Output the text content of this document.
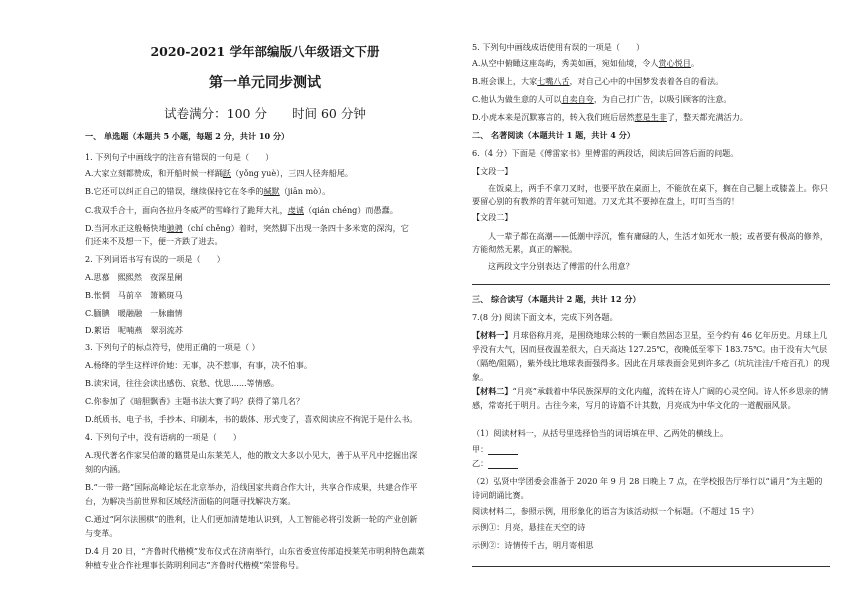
2020-2021 学年部编版八年级语文下册
第一单元同步测试
试卷满分：100 分　　时间 60 分钟
一、 单选题（本题共 5 小题，每题 2 分，共计 10 分）
1. 下列句子中画线字的注音有错误的一句是（　　）
A.大家立刻都赞成，和开船时候一样踊跃（yǒng yuè），三四人径奔船尾。
B.它还可以纠正自己的错误，继续保持它在冬季的缄默（jiān mò）。
C.我双手合十，面向各拉丹冬威严的雪峰行了跪拜大礼，虔诚（qián chéng）而愚蠢。
D.当河水正这般畅快地驰骋（chí chěng）着时，突然脚下出现一条四十多米宽的深沟，它
们还来不及想一下，便一齐跌了进去。
2. 下列词语书写有误的一项是（　　）
A.思慕　熙熙然　夜深星阑
B.怅惘　马前卒　箫籁斑马
C.腼腆　暖融融　一脉幽情
D.絮语　呢喃燕　翠羽流苏
3. 下列句子的标点符号，使用正确的一项是（ ）
A.杨绛的学生这样评价她：无事，决不惹事，有事，决不怕事。
B.读宋词，往往会读出感伤、哀愁、忧思......等情感。
C.你参加了《暗胆飘香》主题书法大赛了吗？获得了第几名？
D.纸质书、电子书，手抄本、印刷本，书的载体、形式变了，喜欢阅读应不拘泥于是什么书。
4. 下列句子中，没有语病的一项是（　　）
A.现代著名作家吴伯萧的籍贯是山东莱芜人，他的散文大多以小见大，善于从平凡中挖掘出深
刻的内涵。
B.“一带一路”国际高峰论坛在北京举办，沿线国家共商合作大计，共享合作成果，共建合作平
台，为解决当前世界和区域经济面临的问题寻找解决方案。
C.通过“阿尔法围棋”的胜利，让人们更加清楚地认识到，人工智能必将引发新一轮的产业创新
与变革。
D.4 月 20 日，“齐鲁时代楷模”发布仪式在济南举行，山东省委宣传部追授莱芜市明利特色蔬菜
种植专业合作社理事长陈明利同志“齐鲁时代楷模”荣誉称号。
5. 下列句中画线成语使用有误的一项是（　　）
A.从空中俯瞰这座岛屿，秀美如画，宛如仙境，令人赏心悦目。
B.班会课上，大家七嘴八舌，对自己心中的中国梦发表着各自的看法。
C.他认为做生意的人可以自卖自夸，为自己打广告，以吸引顾客的注意。
D.小虎本来是沉默寡言的，转入我们班后居然惹是生非了，整天都充满活力。
二、 名著阅读（本题共计 1 题，共计 4 分）
6.（4 分）下面是《傅雷家书》里傅雷的两段话，阅读后回答后面的问题。
【文段一】
在饭桌上，两手不拿刀叉时，也要平放在桌面上，不能放在桌下，搁在自己腿上或膝盖上。你只要留心别的有教养的青年就可知道。刀叉尤其不要掉在盘上，叮叮当当的！
【文段二】
人一辈子都在高潮——低潮中浮沉，惟有庸碌的人，生活才如死水一般；或者要有极高的修养，方能彻然无累，真正的解脱。
这两段文字分别表达了傅雷的什么用意？
三、 综合读写（本题共计 2 题，共计 12 分）
7.(8 分) 阅读下面文本，完成下列各题。
【材料一】月球俗称月亮，是围绕地球公转的一颗自然固态卫星，至今约有 46 亿年历史。月球上几乎没有大气，因而昼夜温差很大，白天高达 127.25℃，夜晚低至零下 183.75℃。由于没有大气层（隔绝/阻隔），紫外线比地球表面强得多。因此在月球表面会见到许多乙（坑坑洼洼/千疮百孔）的现象。
【材料二】“月亮”承载着中华民族深厚的文化内蕴，流转在诗人广阔的心灵空间。诗人怀乡思亲的情感，常寄托于明月。古往今来，写月的诗篇不计其数，月亮成为中华文化的一道靓丽风景。
（1）阅读材料一，从括号里选择恰当的词语填在甲、乙两处的横线上。
甲：
乙：
（2）弘贤中学团委会准备于 2020 年 9 月 28 日晚上 7 点，在学校报告厅举行以“诵月”为主题的诗词朗诵比赛。
阅读材料二，参照示例，用形象化的语言为该活动拟一个标题。（不超过 15 字）
示例①：月亮，悬挂在天空的诗
示例②：诗情传千古，明月寄相思
